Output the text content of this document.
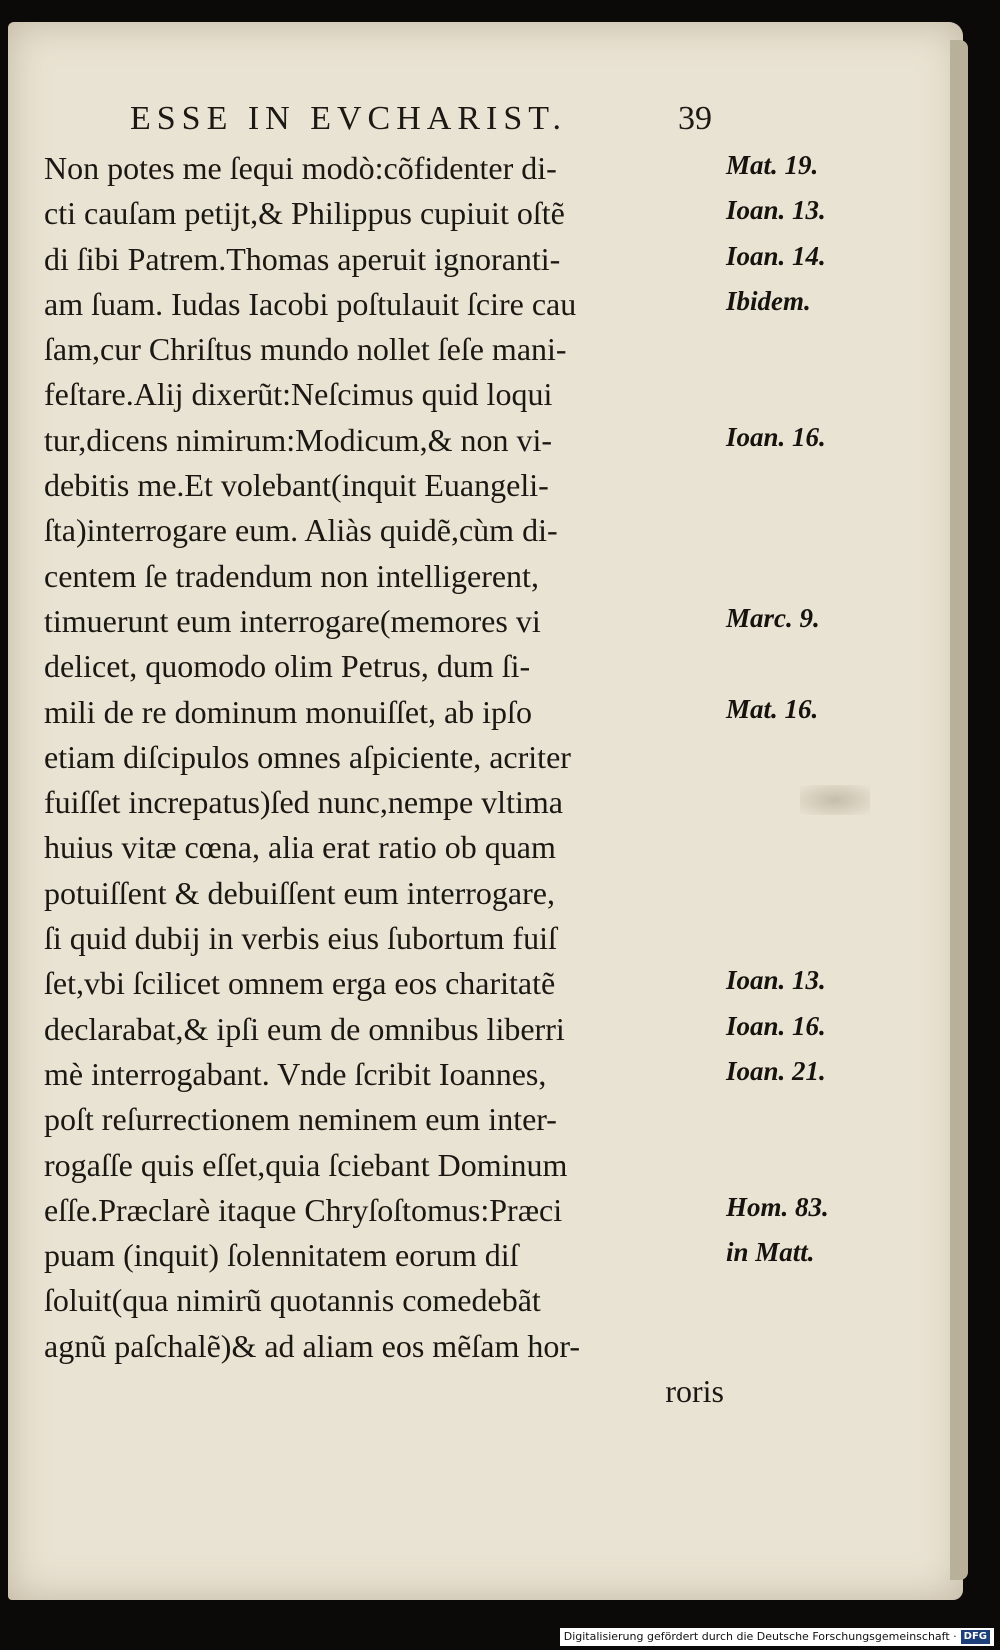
ESSE IN EVCHARIST.	39
Non potes me ſequi modò:cõfidenter di-
cti cauſam petijt,& Philippus cupiuit oſtẽ
di ſibi Patrem.Thomas aperuit ignoranti-
am ſuam. Iudas Iacobi poſtulauit ſcire cau
ſam,cur Chriſtus mundo nollet ſeſe mani-
feſtare.Alij dixerũt:Neſcimus quid loqui
tur,dicens nimirum:Modicum,& non vi-
debitis me.Et volebant(inquit Euangeli-
ſta)interrogare eum. Aliàs quidẽ,cùm di-
centem ſe tradendum non intelligerent,
timuerunt eum interrogare(memores vi
delicet, quomodo olim Petrus, dum ſi-
mili de re dominum monuiſſet, ab ipſo
etiam diſcipulos omnes aſpiciente, acriter
fuiſſet increpatus)ſed nunc,nempe vltima
huius vitæ cœna, alia erat ratio ob quam
potuiſſent & debuiſſent eum interrogare,
ſi quid dubij in verbis eius ſubortum fuiſ
ſet,vbi ſcilicet omnem erga eos charitatẽ
declarabat,& ipſi eum de omnibus liberri
mè interrogabant. Vnde ſcribit Ioannes,
poſt reſurrectionem neminem eum inter-
rogaſſe quis eſſet,quia ſciebant Dominum
eſſe.Præclarè itaque Chryſoſtomus:Præci
puam (inquit) ſolennitatem eorum diſ
ſoluit(qua nimirũ quotannis comedebãt
agnũ paſchalẽ)& ad aliam eos mẽſam hor-
roris
Mat. 19.
Ioan. 13.
Ioan. 14.
Ibidem.
Ioan. 16.
Marc. 9.
Mat. 16.
Ioan. 13.
Ioan. 16.
Ioan. 21.
Hom. 83.
in Matt.
Digitalisierung gefördert durch die Deutsche Forschungsgemeinschaft · DFG
